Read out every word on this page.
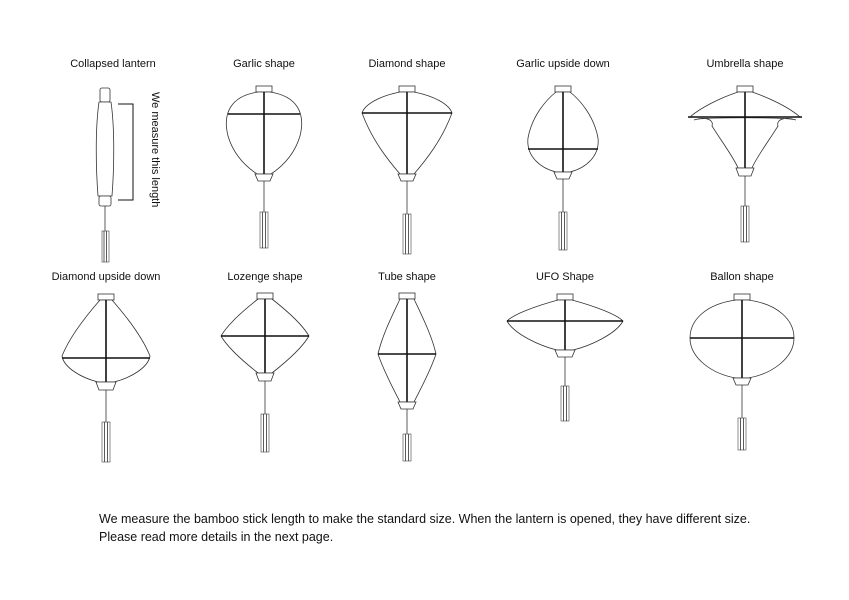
Collapsed lantern	Garlic shape	Diamond shape	Garlic upside down	Umbrella shape
Diamond upside down	Lozenge shape	Tube shape	UFO Shape	Ballon shape
We measure this length

We measure the bamboo stick length to make the standard size. When the lantern is opened, they have different size.
Please read more details in the next page.
